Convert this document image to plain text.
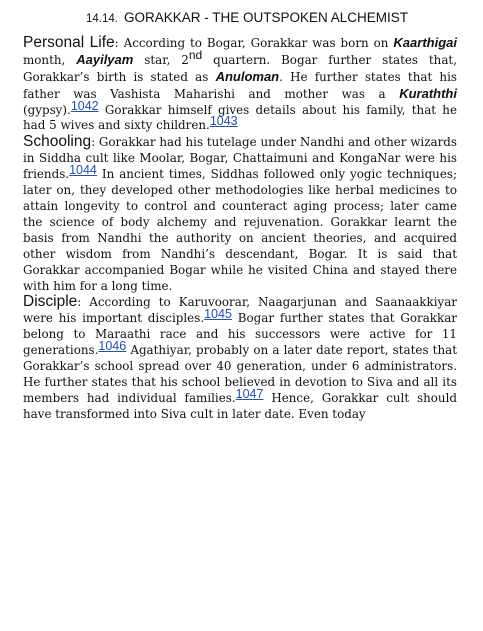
14.14. GORAKKAR - THE OUTSPOKEN ALCHEMIST

Personal Life: According to Bogar, Gorakkar was born on Kaarthigai month, Aayilyam star, 2nd quartern. Bogar further states that, Gorakkar’s birth is stated as Anuloman. He further states that his father was Vashista Maharishi and mother was a Kuraththi (gypsy).1042 Gorakkar himself gives details about his family, that he had 5 wives and sixty children.1043

Schooling: Gorakkar had his tutelage under Nandhi and other wizards in Siddha cult like Moolar, Bogar, Chattaimuni and KongaNar were his friends.1044 In ancient times, Siddhas followed only yogic techniques; later on, they developed other methodologies like herbal medicines to attain longevity to control and counteract aging process; later came the science of body alchemy and rejuvenation. Gorakkar learnt the basis from Nandhi the authority on ancient theories, and acquired other wisdom from Nandhi’s descendant, Bogar. It is said that Gorakkar accompanied Bogar while he visited China and stayed there with him for a long time.

Disciple: According to Karuvoorar, Naagarjunan and Saanaakkiyar were his important disciples.1045 Bogar further states that Gorakkar belong to Maraathi race and his successors were active for 11 generations.1046 Agathiyar, probably on a later date report, states that Gorakkar’s school spread over 40 generation, under 6 administrators. He further states that his school believed in devotion to Siva and all its members had individual families.1047 Hence, Gorakkar cult should have transformed into Siva cult in later date. Even today
